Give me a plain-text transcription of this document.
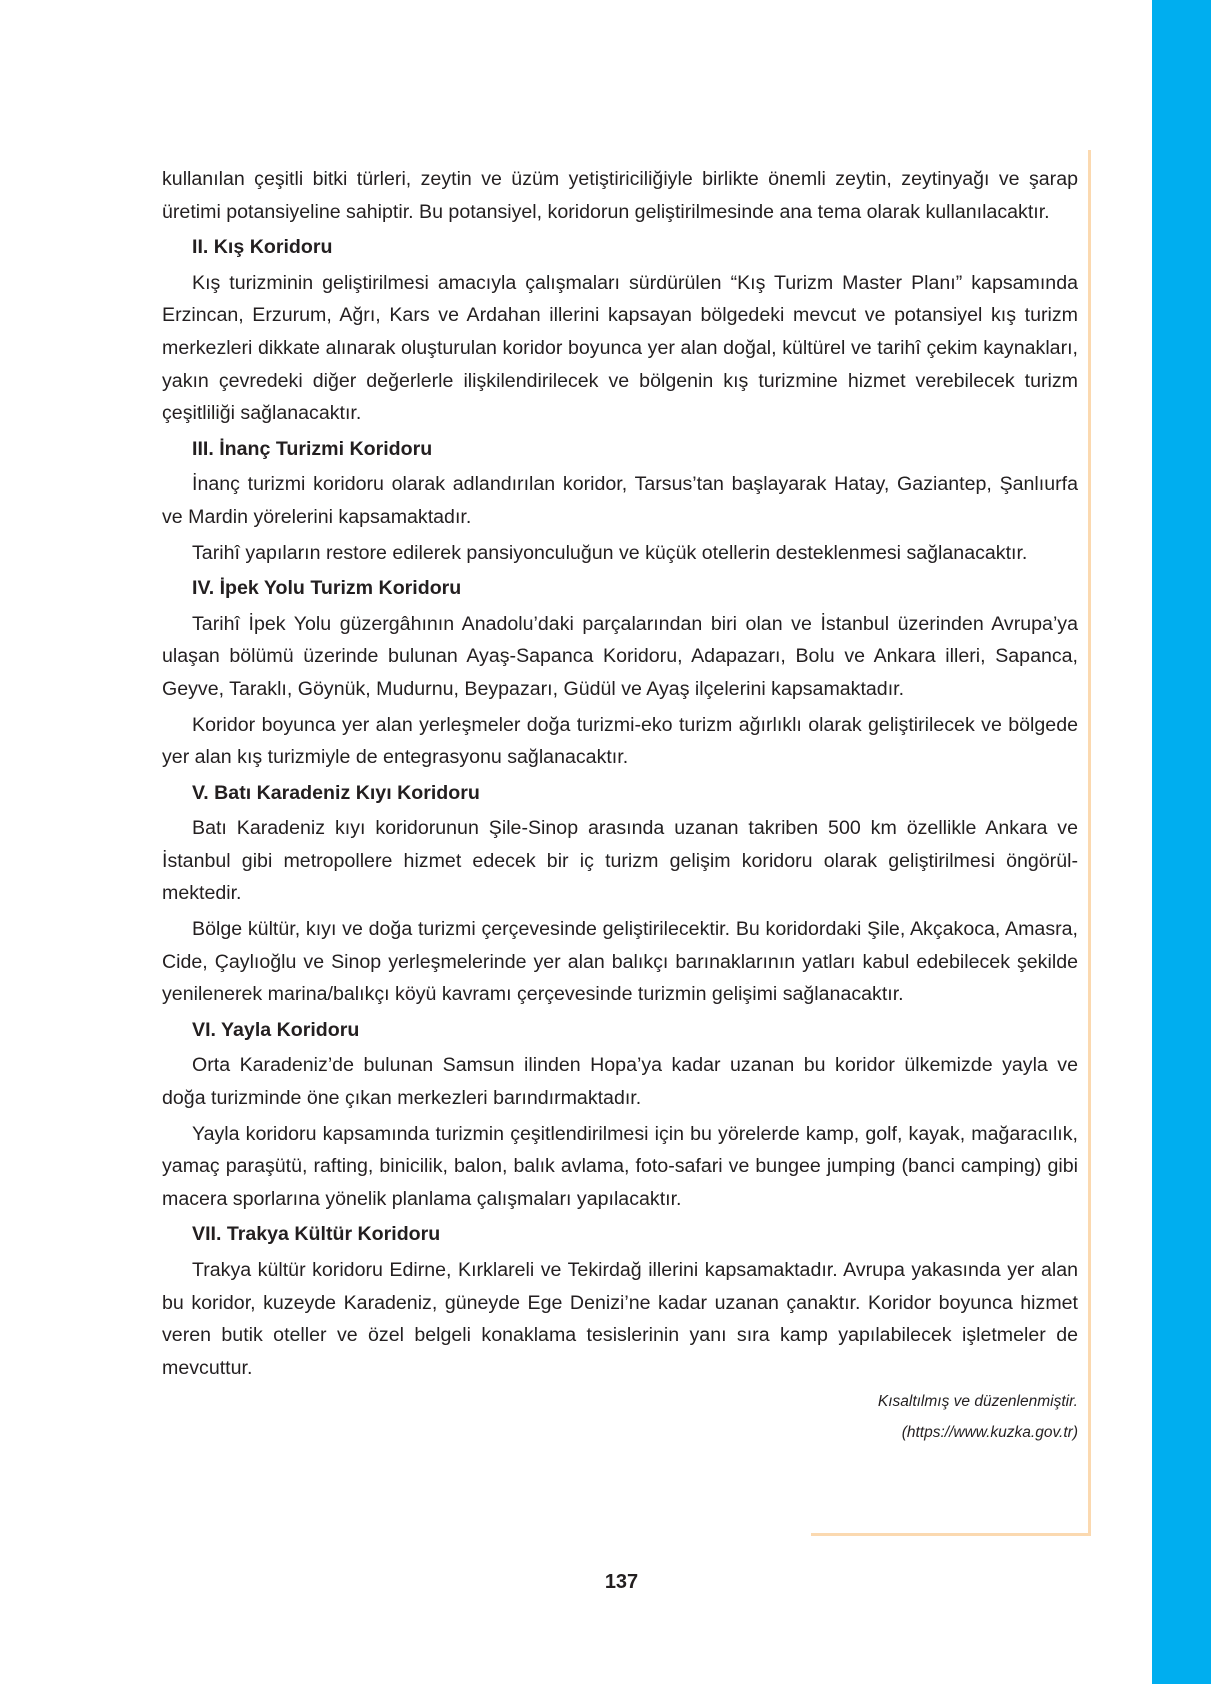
kullanılan çeşitli bitki türleri, zeytin ve üzüm yetiştiriciliğiyle birlikte önemli zeytin, zeytinyağı ve şarap üretimi potansiyeline sahiptir. Bu potansiyel, koridorun geliştirilmesinde ana tema olarak kullanılacaktır.

II. Kış Koridoru

Kış turizminin geliştirilmesi amacıyla çalışmaları sürdürülen “Kış Turizm Master Planı” kapsamında Erzincan, Erzurum, Ağrı, Kars ve Ardahan illerini kapsayan bölgedeki mevcut ve potansiyel kış turizm merkezleri dikkate alınarak oluşturulan koridor boyunca yer alan doğal, kültürel ve tarihî çekim kaynakları, yakın çevredeki diğer değerlerle ilişkilendirilecek ve bölgenin kış turizmine hizmet verebilecek turizm çeşitliliği sağlanacaktır.

III. İnanç Turizmi Koridoru

İnanç turizmi koridoru olarak adlandırılan koridor, Tarsus’tan başlayarak Hatay, Gaziantep, Şanlıurfa ve Mardin yörelerini kapsamaktadır.

Tarihî yapıların restore edilerek pansiyonculuğun ve küçük otellerin desteklenmesi sağlanacaktır.

IV. İpek Yolu Turizm Koridoru

Tarihî İpek Yolu güzergâhının Anadolu’daki parçalarından biri olan ve İstanbul üzerinden Avrupa’ya ulaşan bölümü üzerinde bulunan Ayaş-Sapanca Koridoru, Adapazarı, Bolu ve Ankara illeri, Sapanca, Geyve, Taraklı, Göynük, Mudurnu, Beypazarı, Güdül ve Ayaş ilçelerini kapsamaktadır.

Koridor boyunca yer alan yerleşmeler doğa turizmi-eko turizm ağırlıklı olarak geliştirilecek ve bölgede yer alan kış turizmiyle de entegrasyonu sağlanacaktır.

V. Batı Karadeniz Kıyı Koridoru

Batı Karadeniz kıyı koridorunun Şile-Sinop arasında uzanan takriben 500 km özellikle Ankara ve İstanbul gibi metropollere hizmet edecek bir iç turizm gelişim koridoru olarak geliştirilmesi öngörülmektedir.

Bölge kültür, kıyı ve doğa turizmi çerçevesinde geliştirilecektir. Bu koridordaki Şile, Akçakoca, Amasra, Cide, Çaylıoğlu ve Sinop yerleşmelerinde yer alan balıkçı barınaklarının yatları kabul edebilecek şekilde yenilenerek marina/balıkçı köyü kavramı çerçevesinde turizmin gelişimi sağlanacaktır.

VI. Yayla Koridoru

Orta Karadeniz’de bulunan Samsun ilinden Hopa’ya kadar uzanan bu koridor ülkemizde yayla ve doğa turizminde öne çıkan merkezleri barındırmaktadır.

Yayla koridoru kapsamında turizmin çeşitlendirilmesi için bu yörelerde kamp, golf, kayak, mağaracılık, yamaç paraşütü, rafting, binicilik, balon, balık avlama, foto-safari ve bungee jumping (banci camping) gibi macera sporlarına yönelik planlama çalışmaları yapılacaktır.

VII. Trakya Kültür Koridoru

Trakya kültür koridoru Edirne, Kırklareli ve Tekirdağ illerini kapsamaktadır. Avrupa yakasında yer alan bu koridor, kuzeyde Karadeniz, güneyde Ege Denizi’ne kadar uzanan çanaktır. Koridor boyunca hizmet veren butik oteller ve özel belgeli konaklama tesislerinin yanı sıra kamp yapılabilecek işletmeler de mevcuttur.

Kısaltılmış ve düzenlenmiştir.
(https://www.kuzka.gov.tr)
137
